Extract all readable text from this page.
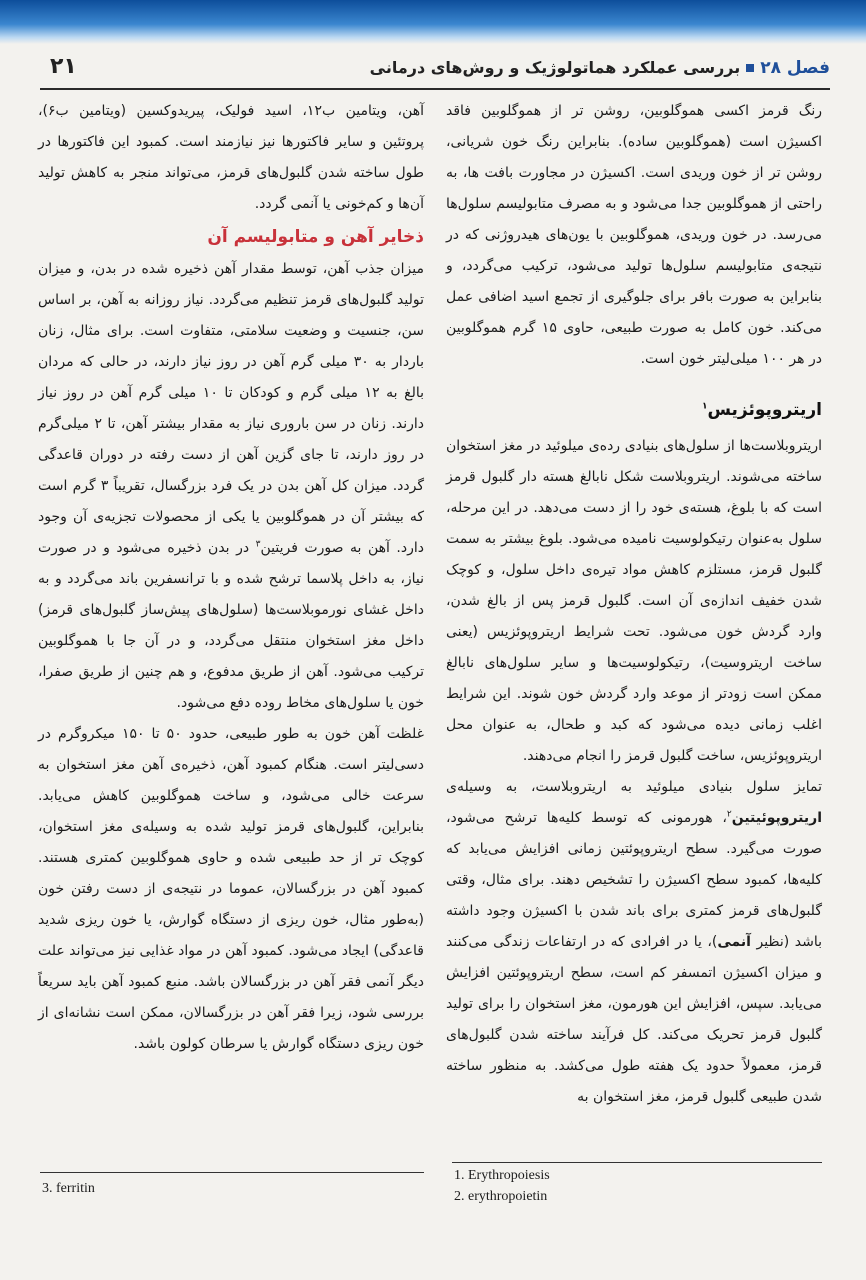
فصل ۲۸بررسی عملکرد هماتولوژیک و روش‌های درمانی
۲۱

رنگ قرمز اکسی هموگلوبین، روشن تر از هموگلوبین فاقد اکسیژن است (هموگلوبین ساده). بنابراین رنگ خون شریانی، روشن تر از خون وریدی است. اکسیژن در مجاورت بافت ها، به راحتی از هموگلوبین جدا می‌شود و به مصرف متابولیسم سلول‌ها می‌رسد. در خون وریدی، هموگلوبین با یون‌های هیدروژنی که در نتیجه‌ی متابولیسم سلول‌ها تولید می‌شود، ترکیب می‌گردد، و بنابراین به صورت بافر برای جلوگیری از تجمع اسید اضافی عمل می‌کند. خون کامل به صورت طبیعی، حاوی ۱۵ گرم هموگلوبین در هر ۱۰۰ میلی‌لیتر خون است.

اریتروپوئزیس$^۱$

اریتروبلاست‌ها از سلول‌های بنیادی رده‌ی میلوئید در مغز استخوان ساخته می‌شوند. اریتروبلاست شکل نابالغ هسته دار گلبول قرمز است که با بلوغ، هسته‌ی خود را از دست می‌دهد. در این مرحله، سلول به‌عنوان رتیکولوسیت نامیده می‌شود. بلوغ بیشتر به سمت گلبول قرمز، مستلزم کاهش مواد تیره‌ی داخل سلول، و کوچک شدن خفیف اندازه‌ی آن است. گلبول قرمز پس از بالغ شدن، وارد گردش خون می‌شود. تحت شرایط اریتروپوئزیس (یعنی ساخت اریتروسیت)، رتیکولوسیت‌ها و سایر سلول‌های نابالغ ممکن است زودتر از موعد وارد گردش خون شوند. این شرایط اغلب زمانی دیده می‌شود که کبد و طحال، به عنوان محل اریتروپوئزیس، ساخت گلبول قرمز را انجام می‌دهند.

تمایز سلول بنیادی میلوئید به اریتروبلاست، به وسیله‌ی اریتروپوئیتین$^۲$، هورمونی که توسط کلیه‌ها ترشح می‌شود، صورت می‌گیرد. سطح اریتروپوئتین زمانی افزایش می‌یابد که کلیه‌ها، کمبود سطح اکسیژن را تشخیص دهند. برای مثال، وقتی گلبول‌های قرمز کمتری برای باند شدن با اکسیژن وجود داشته باشد (نظیر آنمی)، یا در افرادی که در ارتفاعات زندگی می‌کنند و میزان اکسیژن اتمسفر کم است، سطح اریتروپوئتین افزایش می‌یابد. سپس، افزایش این هورمون، مغز استخوان را برای تولید گلبول قرمز تحریک می‌کند. کل فرآیند ساخته شدن گلبول‌های قرمز، معمولاً حدود یک هفته طول می‌کشد. به منظور ساخته شدن طبیعی گلبول قرمز، مغز استخوان به

آهن، ویتامین ب۱۲، اسید فولیک، پیریدوکسین (ویتامین ب۶)، پروتئین و سایر فاکتورها نیز نیازمند است. کمبود این فاکتورها در طول ساخته شدن گلبول‌های قرمز، می‌تواند منجر به کاهش تولید آن‌ها و کم‌خونی یا آنمی گردد.

ذخایر آهن و متابولیسم آن

میزان جذب آهن، توسط مقدار آهن ذخیره شده در بدن، و میزان تولید گلبول‌های قرمز تنظیم می‌گردد. نیاز روزانه به آهن، بر اساس سن، جنسیت و وضعیت سلامتی، متفاوت است. برای مثال، زنان باردار به ۳۰ میلی گرم آهن در روز نیاز دارند، در حالی که مردان بالغ به ۱۲ میلی گرم و کودکان تا ۱۰ میلی گرم آهن در روز نیاز دارند. زنان در سن باروری نیاز به مقدار بیشتر آهن، تا ۲ میلی‌گرم در روز دارند، تا جای گزین آهن از دست رفته در دوران قاعدگی گردد. میزان کل آهن بدن در یک فرد بزرگسال، تقریباً ۳ گرم است که بیشتر آن در هموگلوبین یا یکی از محصولات تجزیه‌ی آن وجود دارد. آهن به صورت فریتین$^۳$ در بدن ذخیره می‌شود و در صورت نیاز، به داخل پلاسما ترشح شده و با ترانسفرین باند می‌گردد و به داخل غشای نورموبلاست‌ها (سلول‌های پیش‌ساز گلبول‌های قرمز) داخل مغز استخوان منتقل می‌گردد، و در آن جا با هموگلوبین ترکیب می‌شود. آهن از طریق مدفوع، و هم چنین از طریق صفرا، خون یا سلول‌های مخاط روده دفع می‌شود.

غلظت آهن خون به طور طبیعی، حدود ۵۰ تا ۱۵۰ میکروگرم در دسی‌لیتر است. هنگام کمبود آهن، ذخیره‌ی آهن مغز استخوان به سرعت خالی می‌شود، و ساخت هموگلوبین کاهش می‌یابد. بنابراین، گلبول‌های قرمز تولید شده به وسیله‌ی مغز استخوان، کوچک تر از حد طبیعی شده و حاوی هموگلوبین کمتری هستند. کمبود آهن در بزرگسالان، عموما در نتیجه‌ی از دست رفتن خون (به‌طور مثال، خون ریزی از دستگاه گوارش، یا خون ریزی شدید قاعدگی) ایجاد می‌شود. کمبود آهن در مواد غذایی نیز می‌تواند علت دیگر آنمی فقر آهن در بزرگسالان باشد. منبع کمبود آهن باید سریعاً بررسی شود، زیرا فقر آهن در بزرگسالان، ممکن است نشانه‌ای از خون ریزی دستگاه گوارش یا سرطان کولون باشد.

1. Erythropoiesis
2. erythropoietin
3. ferritin
